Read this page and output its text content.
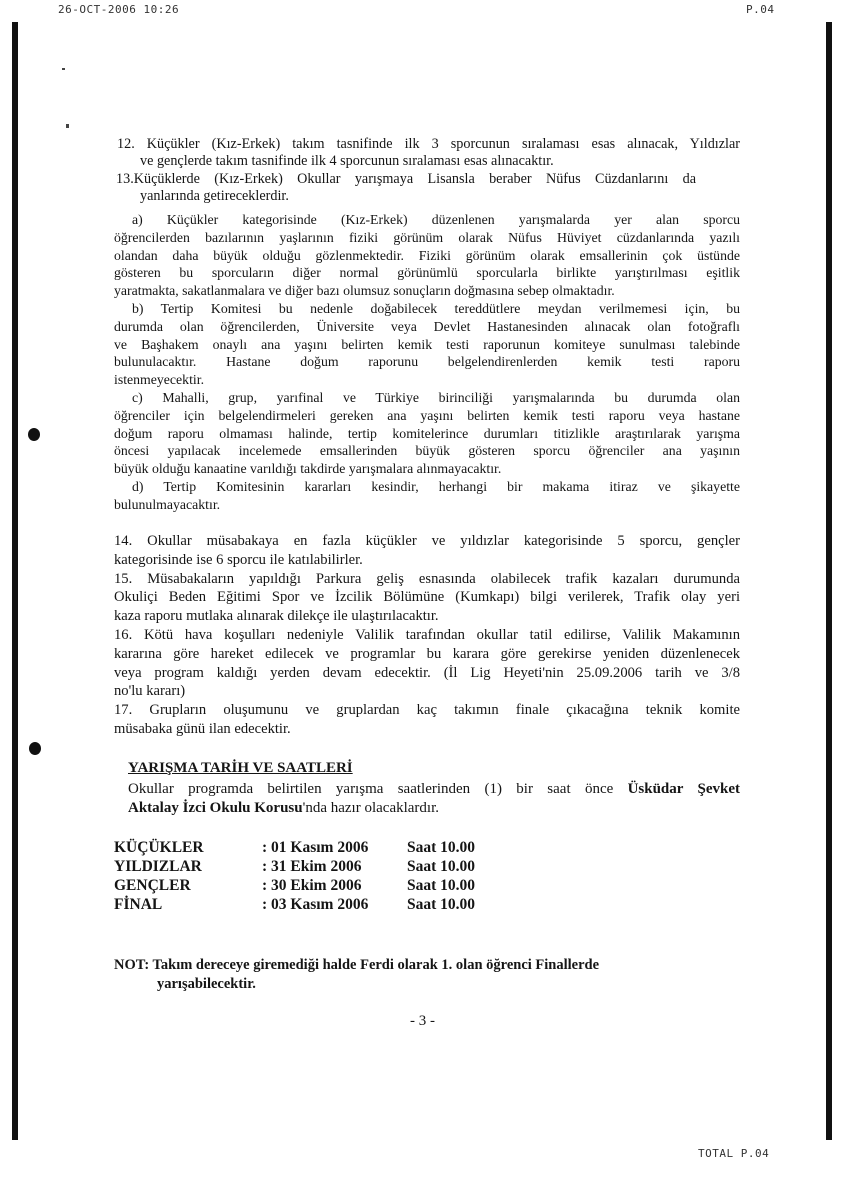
26-OCT-2006 10:26	P.04
TOTAL P.04

12. Küçükler (Kız-Erkek) takım tasnifinde ilk 3 sporcunun sıralaması esas alınacak, Yıldızlar

ve gençlerde takım tasnifinde ilk 4 sporcunun sıralaması esas alınacaktır.

13.Küçüklerde (Kız-Erkek) Okullar yarışmaya Lisansla beraber Nüfus Cüzdanlarını da

yanlarında getireceklerdir.

a) Küçükler kategorisinde (Kız-Erkek) düzenlenen yarışmalarda yer alan sporcu

öğrencilerden bazılarının yaşlarının fiziki görünüm olarak Nüfus Hüviyet cüzdanlarında yazılı

olandan daha büyük olduğu gözlenmektedir. Fiziki görünüm olarak emsallerinin çok üstünde

gösteren bu sporcuların diğer normal görünümlü sporcularla birlikte yarıştırılması eşitlik

yaratmakta, sakatlanmalara ve diğer bazı olumsuz sonuçların doğmasına sebep olmaktadır.

b) Tertip Komitesi bu nedenle doğabilecek tereddütlere meydan verilmemesi için, bu

durumda olan öğrencilerden, Üniversite veya Devlet Hastanesinden alınacak olan fotoğraflı

ve Başhakem onaylı ana yaşını belirten kemik testi raporunun komiteye sunulması talebinde

bulunulacaktır. Hastane doğum raporunu belgelendirenlerden kemik testi raporu

istenmeyecektir.

c) Mahalli, grup, yarıfinal ve Türkiye birinciliği yarışmalarında bu durumda olan

öğrenciler için belgelendirmeleri gereken ana yaşını belirten kemik testi raporu veya hastane

doğum raporu olmaması halinde, tertip komitelerince durumları titizlikle araştırılarak yarışma

öncesi yapılacak incelemede emsallerinden büyük gösteren sporcu öğrenciler ana yaşının

büyük olduğu kanaatine varıldığı takdirde yarışmalara alınmayacaktır.

d) Tertip Komitesinin kararları kesindir, herhangi bir makama itiraz ve şikayette

bulunulmayacaktır.

14. Okullar müsabakaya en fazla küçükler ve yıldızlar kategorisinde 5 sporcu, gençler

kategorisinde ise 6 sporcu ile katılabilirler.

15. Müsabakaların yapıldığı Parkura geliş esnasında olabilecek trafik kazaları durumunda

Okuliçi Beden Eğitimi Spor ve İzcilik Bölümüne (Kumkapı) bilgi verilerek, Trafik olay yeri

kaza raporu mutlaka alınarak dilekçe ile ulaştırılacaktır.

16. Kötü hava koşulları nedeniyle Valilik tarafından okullar tatil edilirse, Valilik Makamının

kararına göre hareket edilecek ve programlar bu karara göre gerekirse yeniden düzenlenecek

veya program kaldığı yerden devam edecektir. (İl Lig Heyeti'nin 25.09.2006 tarih ve 3/8

no'lu kararı)

17. Grupların oluşumunu ve gruplardan kaç takımın finale çıkacağına teknik komite

müsabaka günü ilan edecektir.

YARIŞMA TARİH VE SAATLERİ
Okullar programda belirtilen yarışma saatlerinden (1) bir saat önce Üsküdar Şevket
Aktalay İzci Okulu Korusu'nda hazır olacaklardır.
KÜÇÜKLER	: 01 Kasım 2006	Saat 10.00
YILDIZLAR	: 31 Ekim 2006	Saat 10.00
GENÇLER	: 30 Ekim 2006	Saat 10.00
FİNAL	: 03 Kasım 2006	Saat 10.00
NOT: Takım dereceye giremediği halde Ferdi olarak 1. olan öğrenci Finallerde
yarışabilecektir.
- 3 -
